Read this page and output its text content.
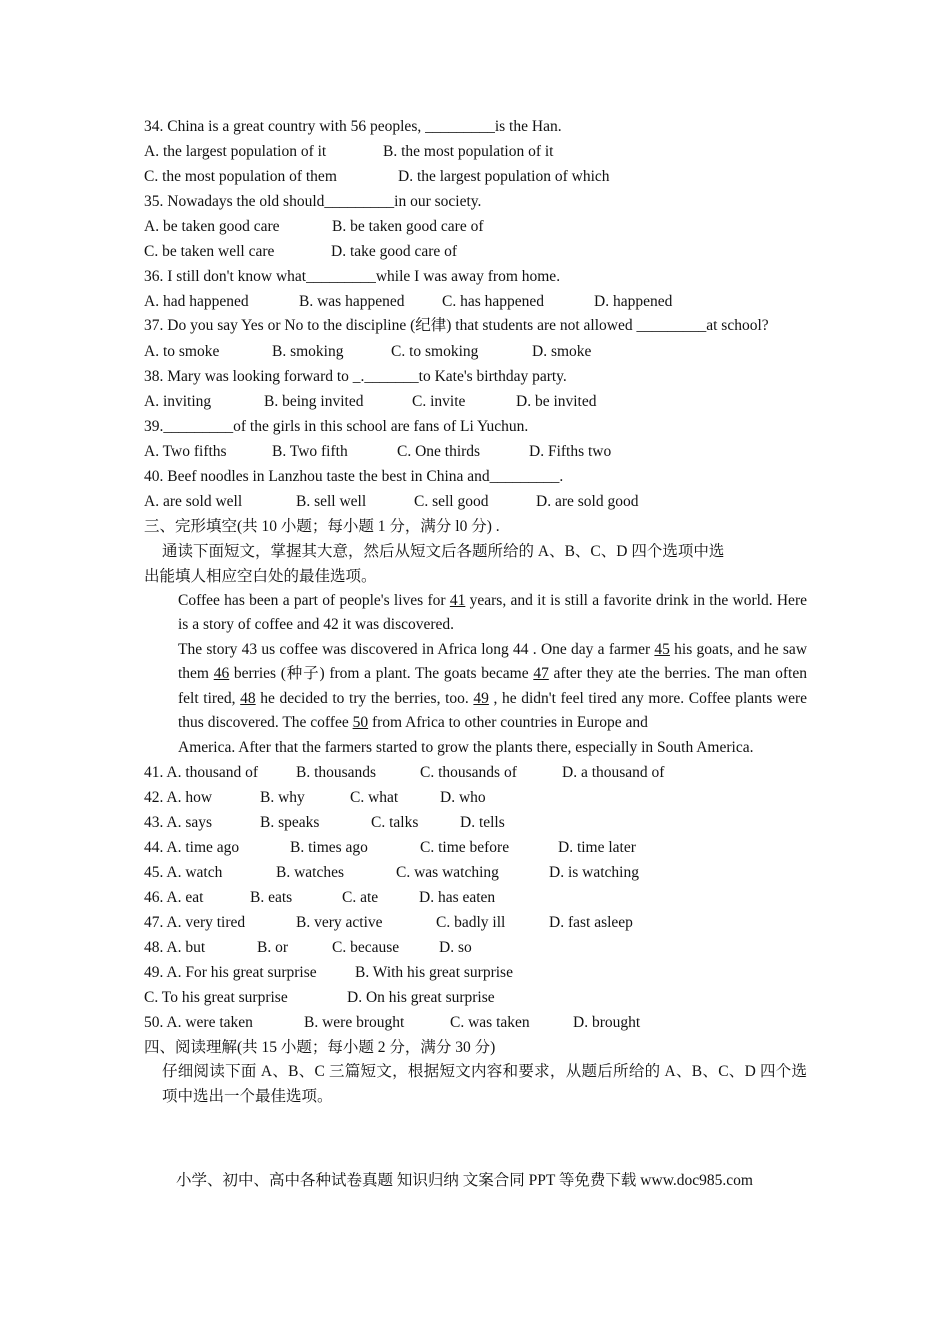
34. China is a great country with 56 peoples, _________is the Han.
A. the largest population of it	B. the most population of it
C. the most population of them	D. the largest population of which
35. Nowadays the old should_________in our society.
A. be taken good care	B. be taken good care of
C. be taken well care	D. take good care of
36. I still don't know what_________while I was away from home.
A. had happened	B. was happened C. has happened	D. happened
37. Do you say Yes or No to the discipline (纪律) that students are not allowed _________at school?
A. to smoke	B. smoking	C. to smoking	D. smoke
38. Mary was looking forward to _._______to Kate's birthday party.
A. inviting	B. being invited	C. invite	D. be invited
39._________of the girls in this school are fans of Li Yuchun.
A. Two fifths	B. Two fifth	C. One thirds	D. Fifths two
40. Beef noodles in Lanzhou taste the best in China and_________.
A. are sold well	B. sell well	C. sell good	D. are sold good
三、完形填空(共 10 小题；每小题 1 分，满分 l0 分) .
通读下面短文，掌握其大意，然后从短文后各题所给的 A、B、C、D 四个选项中选
出能填人相应空白处的最佳选项。
Coffee has been a part of people's lives for 41 years, and it is still a favorite drink in the world. Here is a story of coffee and 42 it was discovered.
The story 43 us coffee was discovered in Africa long 44 . One day a farmer 45 his goats, and he saw them 46 berries (种子) from a plant. The goats became 47 after they ate the berries. The man often felt tired, 48 he decided to try the berries, too. 49 , he didn't feel tired any more. Coffee plants were thus discovered. The coffee 50 from Africa to other countries in Europe and
America. After that the farmers started to grow the plants there, especially in South America.
41. A. thousand of B. thousands	C. thousands of	D. a thousand of
42. A. how	B. why	C. what	D. who
43. A. says	B. speaks	C. talks	D. tells
44. A. time ago	B. times ago	C. time before	D. time later
45. A. watch	B. watches	C. was watching	D. is watching
46. A. eat	B. eats	C. ate	D. has eaten
47. A. very tired	B. very active	C. badly ill	D. fast asleep
48. A. but	B. or	C. because	D. so
49. A. For his great surprise B. With his great surprise
C. To his great surprise	D. On his great surprise
50. A. were taken	B. were brought	C. was taken	D. brought
四、阅读理解(共 15 小题；每小题 2 分，满分 30 分)
仔细阅读下面 A、B、C 三篇短文，根据短文内容和要求，从题后所给的 A、B、C、D 四个选项中选出一个最佳选项。
小学、初中、高中各种试卷真题 知识归纳 文案合同 PPT 等免费下载 www.doc985.com
